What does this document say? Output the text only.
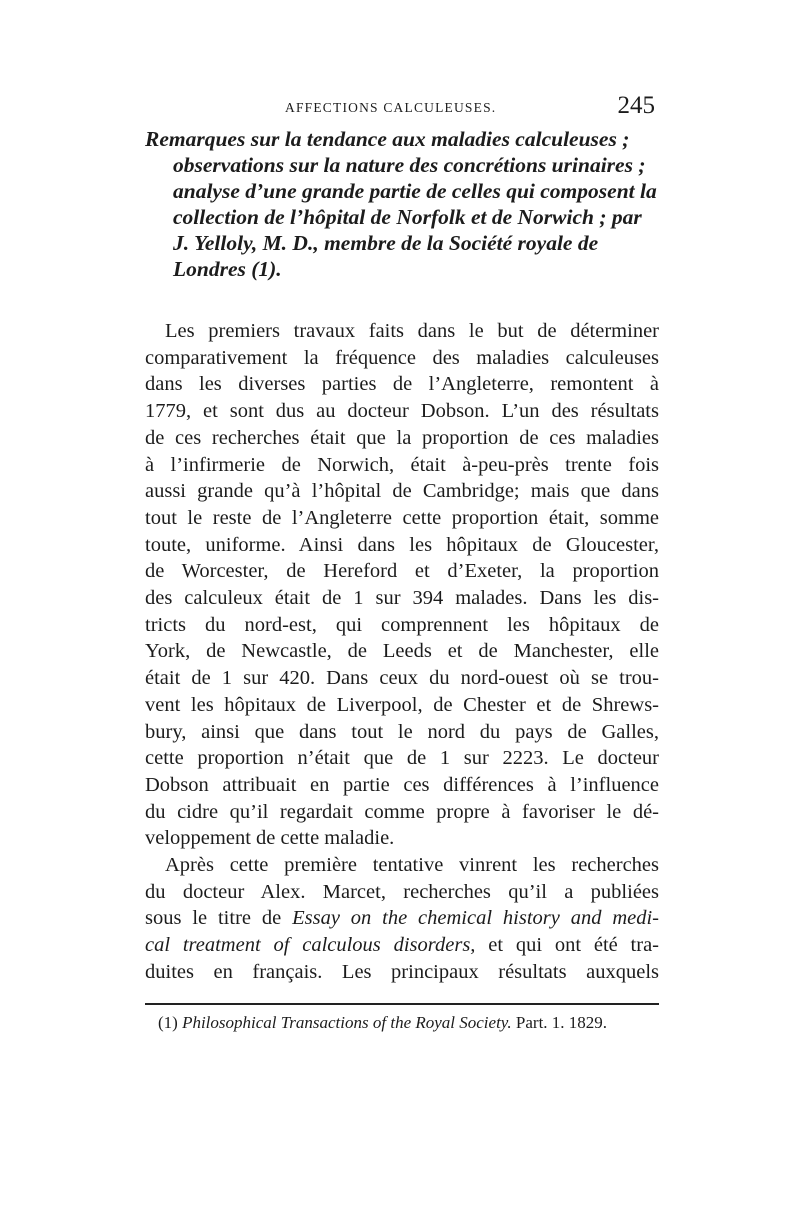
AFFECTIONS CALCULEUSES.	245
Remarques sur la tendance aux maladies calculeuses ;
observations sur la nature des concrétions urinaires ;
analyse d’une grande partie de celles qui composent la
collection de l’hôpital de Norfolk et de Norwich ; par
J. Yelloly, M. D., membre de la Société royale de
Londres (1).
Les premiers travaux faits dans le but de déterminer
comparativement la fréquence des maladies calculeuses
dans les diverses parties de l’Angleterre, remontent à
1779, et sont dus au docteur Dobson. L’un des résultats
de ces recherches était que la proportion de ces maladies
à l’infirmerie de Norwich, était à-peu-près trente fois
aussi grande qu’à l’hôpital de Cambridge; mais que dans
tout le reste de l’Angleterre cette proportion était, somme
toute, uniforme. Ainsi dans les hôpitaux de Gloucester,
de Worcester, de Hereford et d’Exeter, la proportion
des calculeux était de 1 sur 394 malades. Dans les dis-
tricts du nord-est, qui comprennent les hôpitaux de
York, de Newcastle, de Leeds et de Manchester, elle
était de 1 sur 420. Dans ceux du nord-ouest où se trou-
vent les hôpitaux de Liverpool, de Chester et de Shrews-
bury, ainsi que dans tout le nord du pays de Galles,
cette proportion n’était que de 1 sur 2223. Le docteur
Dobson attribuait en partie ces différences à l’influence
du cidre qu’il regardait comme propre à favoriser le dé-
veloppement de cette maladie.
Après cette première tentative vinrent les recherches
du docteur Alex. Marcet, recherches qu’il a publiées
sous le titre de Essay on the chemical history and medi-
cal treatment of calculous disorders, et qui ont été tra-
duites en français. Les principaux résultats auxquels
(1) Philosophical Transactions of the Royal Society. Part. 1. 1829.
